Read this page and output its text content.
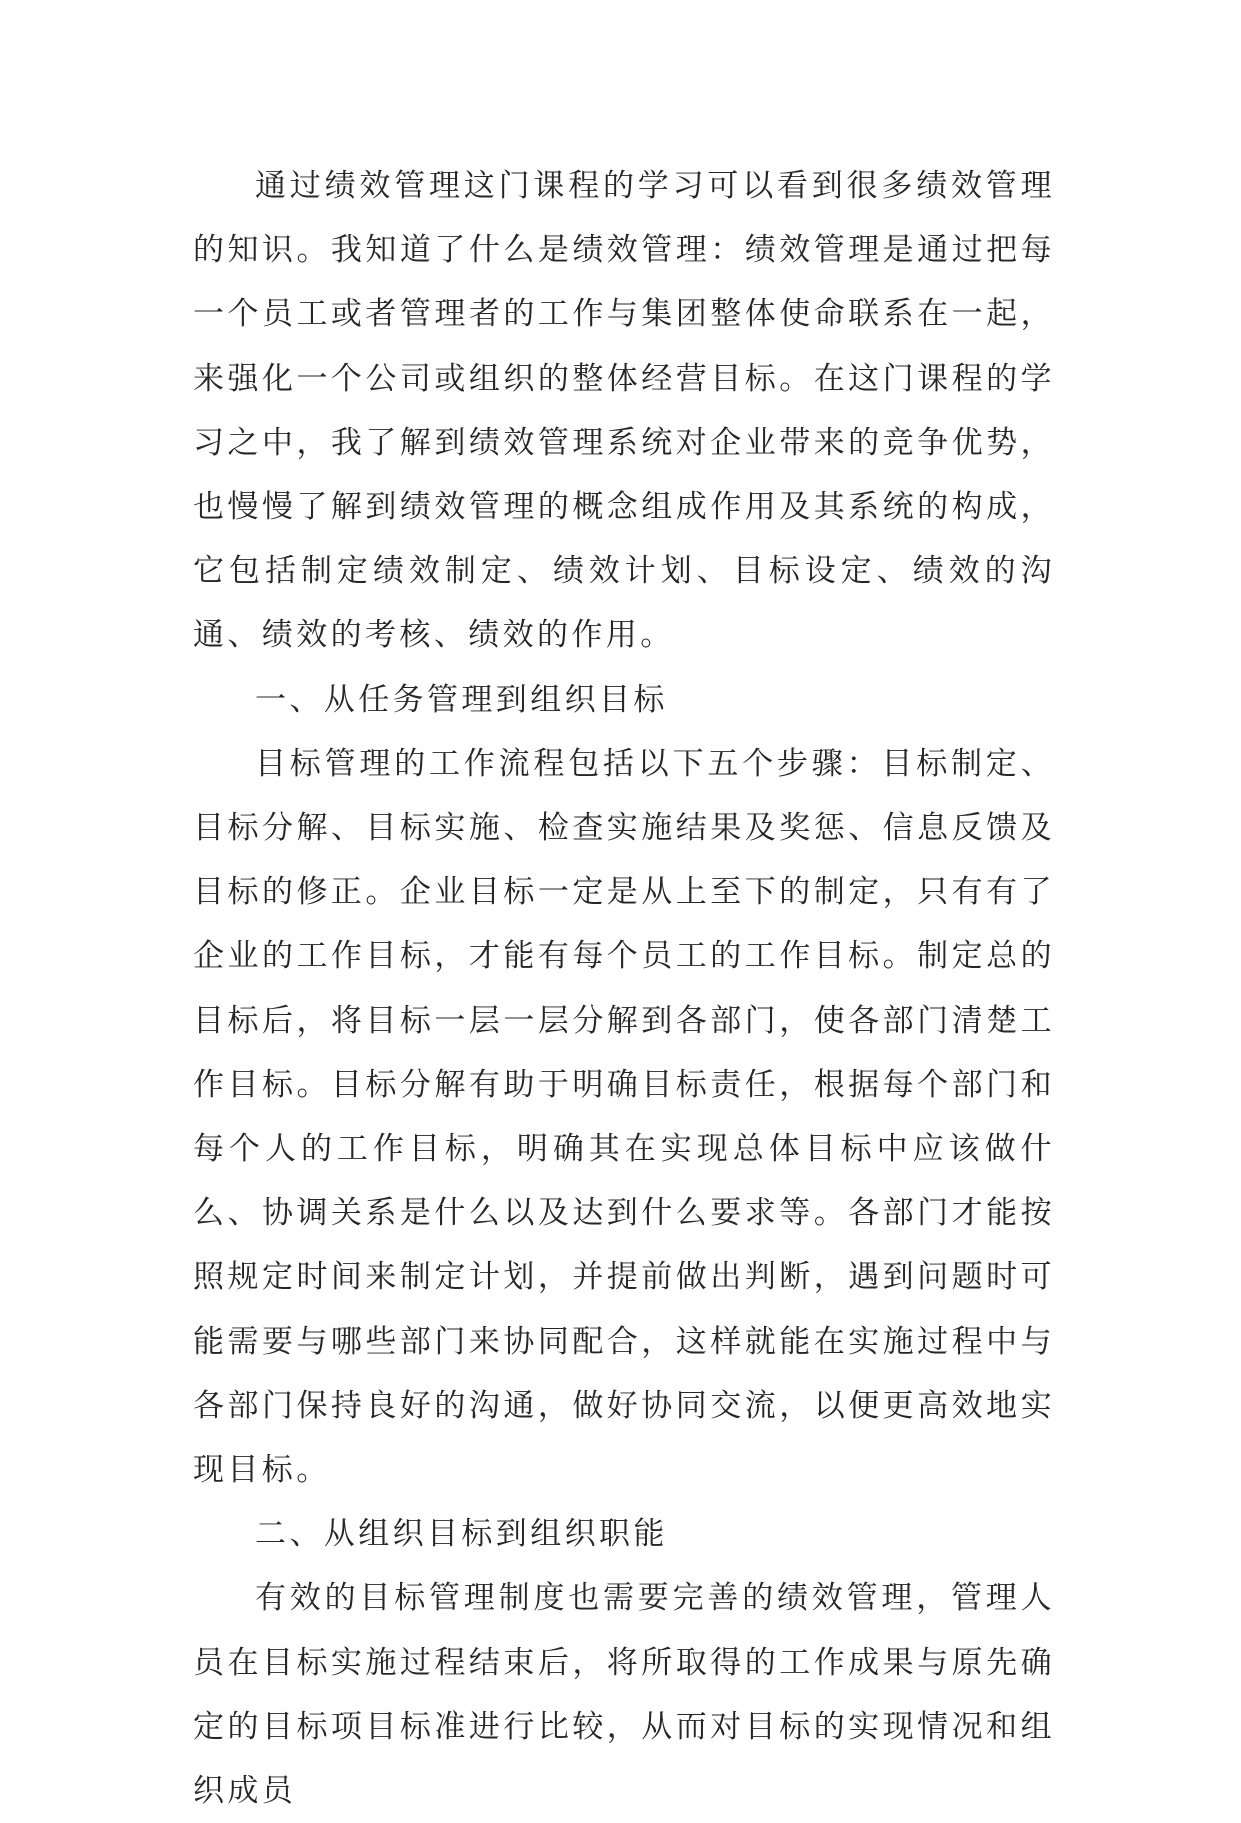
通过绩效管理这门课程的学习可以看到很多绩效管理的知识。我知道了什么是绩效管理：绩效管理是通过把每一个员工或者管理者的工作与集团整体使命联系在一起，来强化一个公司或组织的整体经营目标。在这门课程的学习之中，我了解到绩效管理系统对企业带来的竞争优势，也慢慢了解到绩效管理的概念组成作用及其系统的构成，它包括制定绩效制定、绩效计划、目标设定、绩效的沟通、绩效的考核、绩效的作用。

一、从任务管理到组织目标

目标管理的工作流程包括以下五个步骤：目标制定、目标分解、目标实施、检查实施结果及奖惩、信息反馈及目标的修正。企业目标一定是从上至下的制定，只有有了企业的工作目标，才能有每个员工的工作目标。制定总的目标后，将目标一层一层分解到各部门，使各部门清楚工作目标。目标分解有助于明确目标责任，根据每个部门和每个人的工作目标，明确其在实现总体目标中应该做什么、协调关系是什么以及达到什么要求等。各部门才能按照规定时间来制定计划，并提前做出判断，遇到问题时可能需要与哪些部门来协同配合，这样就能在实施过程中与各部门保持良好的沟通，做好协同交流，以便更高效地实现目标。

二、从组织目标到组织职能

有效的目标管理制度也需要完善的绩效管理，管理人员在目标实施过程结束后，将所取得的工作成果与原先确定的目标项目标准进行比较，从而对目标的实现情况和组织成员
